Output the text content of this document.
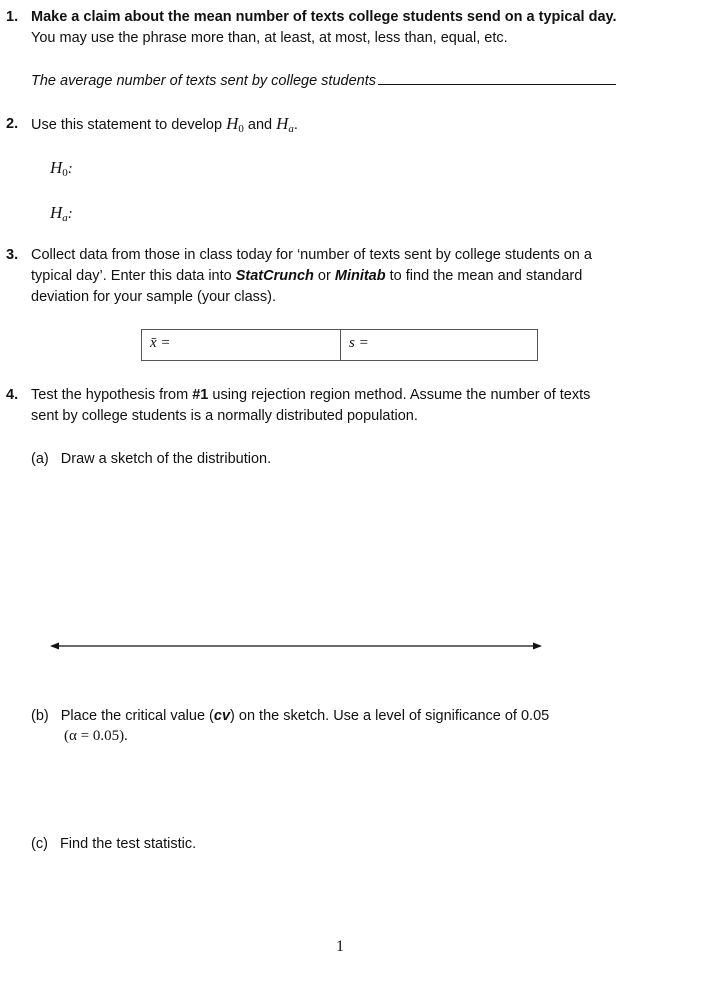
1. Make a claim about the mean number of texts college students send on a typical day.
You may use the phrase more than, at least, at most, less than, equal, etc.
The average number of texts sent by college students
2. Use this statement to develop $H_0$ and $H_a$.
$H_0$:
$H_a$:
3. Collect data from those in class today for ‘number of texts sent by college students on a
typical day’. Enter this data into StatCrunch or Minitab to find the mean and standard
deviation for your sample (your class).
x̄ =	s =
4. Test the hypothesis from #1 using rejection region method. Assume the number of texts
sent by college students is a normally distributed population.
(a) Draw a sketch of the distribution.
(b) Place the critical value (cv) on the sketch. Use a level of significance of 0.05
(α = 0.05).
(c) Find the test statistic.
1
